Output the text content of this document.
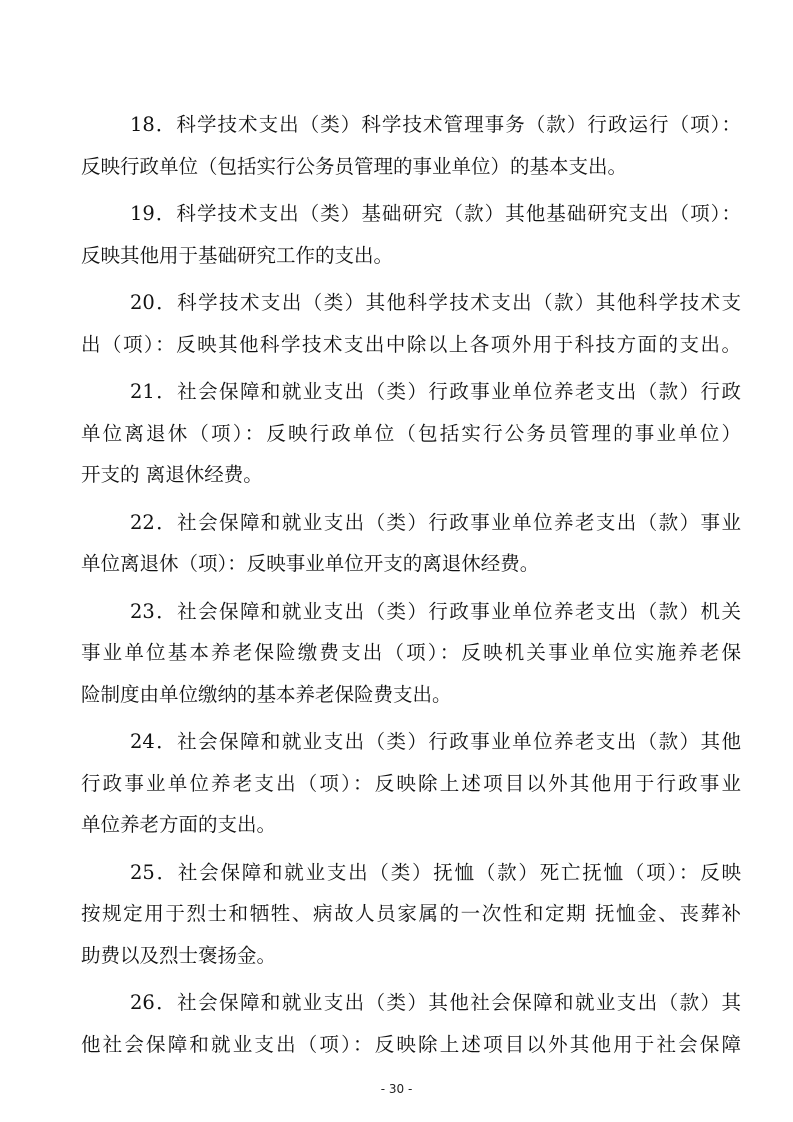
18．科学技术支出（类）科学技术管理事务（款）行政运行（项）：
反映行政单位（包括实行公务员管理的事业单位）的基本支出。
19．科学技术支出（类）基础研究（款）其他基础研究支出（项）：
反映其他用于基础研究工作的支出。
20．科学技术支出（类）其他科学技术支出（款）其他科学技术支
出（项）：反映其他科学技术支出中除以上各项外用于科技方面的支出。
21．社会保障和就业支出（类）行政事业单位养老支出（款）行政
单位离退休（项）：反映行政单位（包括实行公务员管理的事业单位）
开支的 离退休经费。
22．社会保障和就业支出（类）行政事业单位养老支出（款）事业
单位离退休（项）：反映事业单位开支的离退休经费。
23．社会保障和就业支出（类）行政事业单位养老支出（款）机关
事业单位基本养老保险缴费支出（项）：反映机关事业单位实施养老保
险制度由单位缴纳的基本养老保险费支出。
24．社会保障和就业支出（类）行政事业单位养老支出（款）其他
行政事业单位养老支出（项）：反映除上述项目以外其他用于行政事业
单位养老方面的支出。
25．社会保障和就业支出（类）抚恤（款）死亡抚恤（项）：反映
按规定用于烈士和牺牲、病故人员家属的一次性和定期 抚恤金、丧葬补
助费以及烈士褒扬金。
26．社会保障和就业支出（类）其他社会保障和就业支出（款）其
他社会保障和就业支出（项）：反映除上述项目以外其他用于社会保障
- 30 -
